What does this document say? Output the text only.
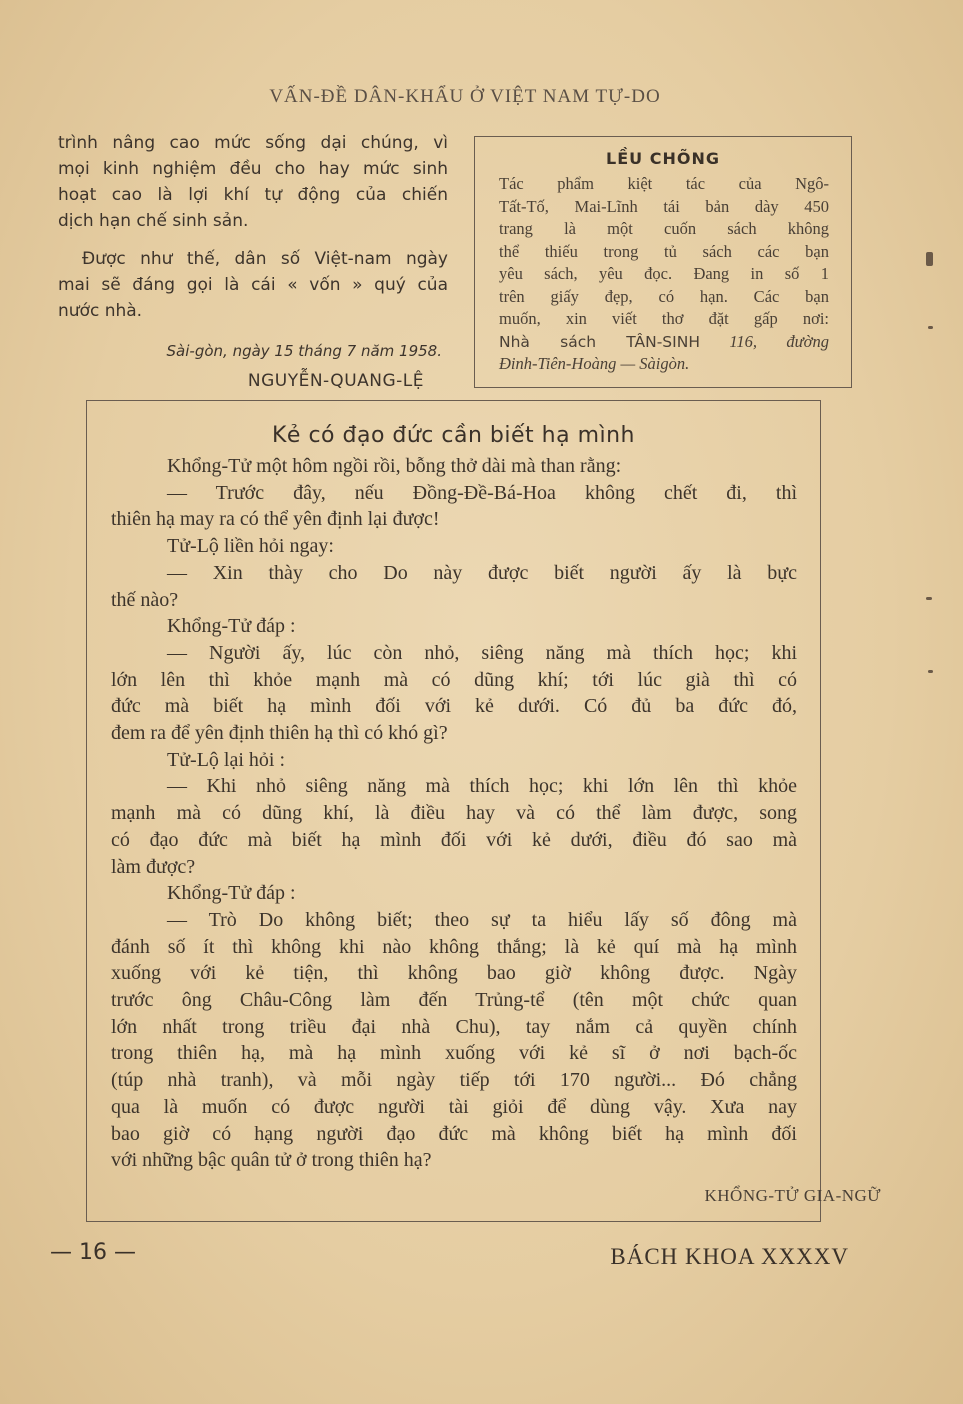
VẤN-ĐỀ DÂN-KHẨU Ở VIỆT NAM TỰ-DO

trình nâng cao mức sống dại chúng, vì

mọi kinh nghiệm đều cho hay mức sinh

hoạt cao là lợi khí tự động của chiến

dịch hạn chế sinh sản.

Được như thế, dân số Việt-nam ngày

mai sẽ đáng gọi là cái « vốn » quý của

nước nhà.

Sài-gòn, ngày 15 tháng 7 năm 1958.
NGUYỄN-QUANG-LỆ
LỀU CHÕNG

Tác phẩm kiệt tác của Ngô-

Tất-Tố, Mai-Lĩnh tái bản dày 450

trang là một cuốn sách không

thể thiếu trong tủ sách các bạn

yêu sách, yêu đọc. Đang in số 1

trên giấy đẹp, có hạn. Các bạn

muốn, xin viết thơ đặt gấp nơi:

Nhà sách TÂN-SINH 116, đường

Đinh-Tiên-Hoàng — Sàigòn.

Kẻ có đạo đức cần biết hạ mình

Khổng-Tử một hôm ngồi rồi, bỗng thở dài mà than rằng:

— Trước đây, nếu Đồng-Đề-Bá-Hoa không chết đi, thì

thiên hạ may ra có thể yên định lại được!

Tử-Lộ liền hỏi ngay:

— Xin thày cho Do này được biết người ấy là bực

thế nào?

Khổng-Tử đáp :

— Người ấy, lúc còn nhỏ, siêng năng mà thích học; khi

lớn lên thì khỏe mạnh mà có dũng khí; tới lúc già thì có

đức mà biết hạ mình đối với kẻ dưới. Có đủ ba đức đó,

đem ra để yên định thiên hạ thì có khó gì?

Tử-Lộ lại hỏi :

— Khi nhỏ siêng năng mà thích học; khi lớn lên thì khỏe

mạnh mà có dũng khí, là điều hay và có thể làm được, song

có đạo đức mà biết hạ mình đối với kẻ dưới, điều đó sao mà

làm được?

Khổng-Tử đáp :

— Trò Do không biết; theo sự ta hiểu lấy số đông mà

đánh số ít thì không khi nào không thắng; là kẻ quí mà hạ mình

xuống với kẻ tiện, thì không bao giờ không được. Ngày

trước ông Châu-Công làm đến Trủng-tể (tên một chức quan

lớn nhất trong triều đại nhà Chu), tay nắm cả quyền chính

trong thiên hạ, mà hạ mình xuống với kẻ sĩ ở nơi bạch-ốc

(túp nhà tranh), và mỗi ngày tiếp tới 170 người... Đó chẳng

qua là muốn có được người tài giỏi để dùng vậy. Xưa nay

bao giờ có hạng người đạo đức mà không biết hạ mình đối

với những bậc quân tử ở trong thiên hạ?

KHỔNG-TỬ GIA-NGỮ
— 16 —	BÁCH KHOA XXXXV
